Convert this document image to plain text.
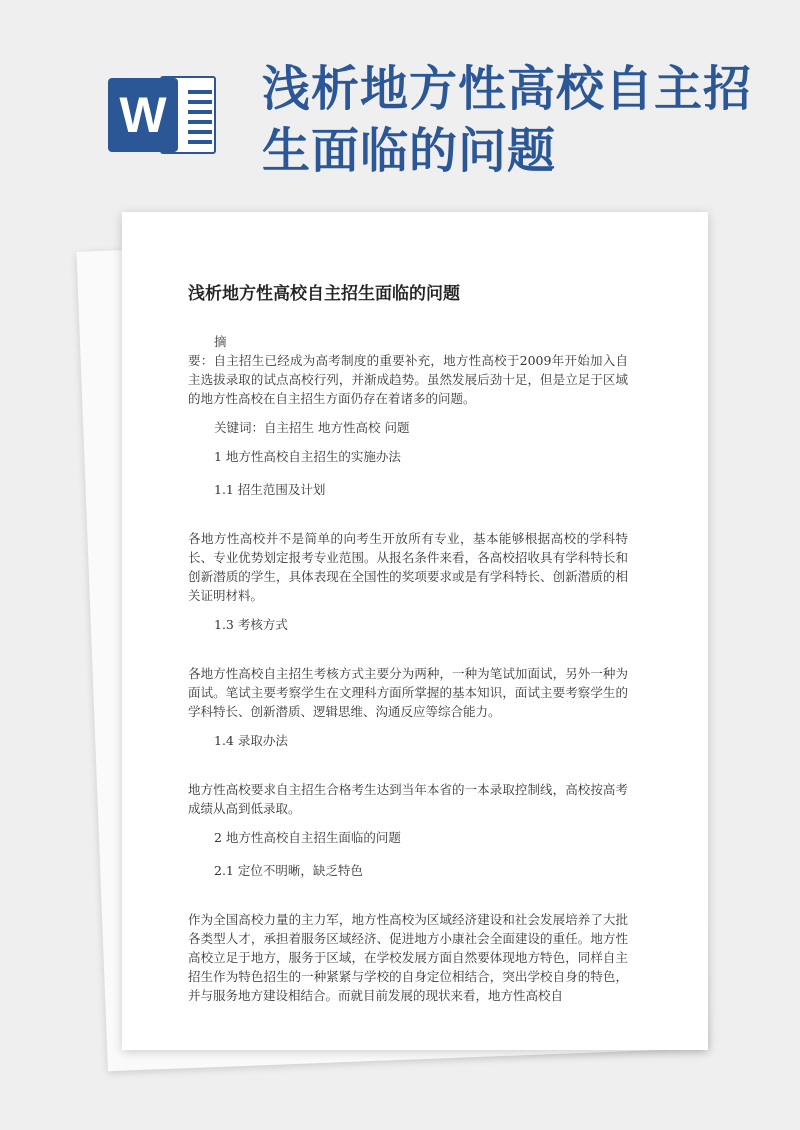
W 浅析地方性高校自主招生面临的问题
浅析地方性高校自主招生面临的问题

摘

要：自主招生已经成为高考制度的重要补充，地方性高校于2009年开始加入自主选拔录取的试点高校行列，并渐成趋势。虽然发展后劲十足，但是立足于区域的地方性高校在自主招生方面仍存在着诸多的问题。

关键词：自主招生 地方性高校 问题

1 地方性高校自主招生的实施办法

1.1 招生范围及计划

各地方性高校并不是简单的向考生开放所有专业，基本能够根据高校的学科特长、专业优势划定报考专业范围。从报名条件来看，各高校招收具有学科特长和创新潜质的学生，具体表现在全国性的奖项要求或是有学科特长、创新潜质的相关证明材料。

1.3 考核方式

各地方性高校自主招生考核方式主要分为两种，一种为笔试加面试，另外一种为面试。笔试主要考察学生在文理科方面所掌握的基本知识，面试主要考察学生的学科特长、创新潜质、逻辑思维、沟通反应等综合能力。

1.4 录取办法

地方性高校要求自主招生合格考生达到当年本省的一本录取控制线，高校按高考成绩从高到低录取。

2 地方性高校自主招生面临的问题

2.1 定位不明晰，缺乏特色

作为全国高校力量的主力军，地方性高校为区域经济建设和社会发展培养了大批各类型人才，承担着服务区域经济、促进地方小康社会全面建设的重任。地方性高校立足于地方，服务于区域，在学校发展方面自然要体现地方特色，同样自主招生作为特色招生的一种紧紧与学校的自身定位相结合，突出学校自身的特色，并与服务地方建设相结合。而就目前发展的现状来看，地方性高校自
